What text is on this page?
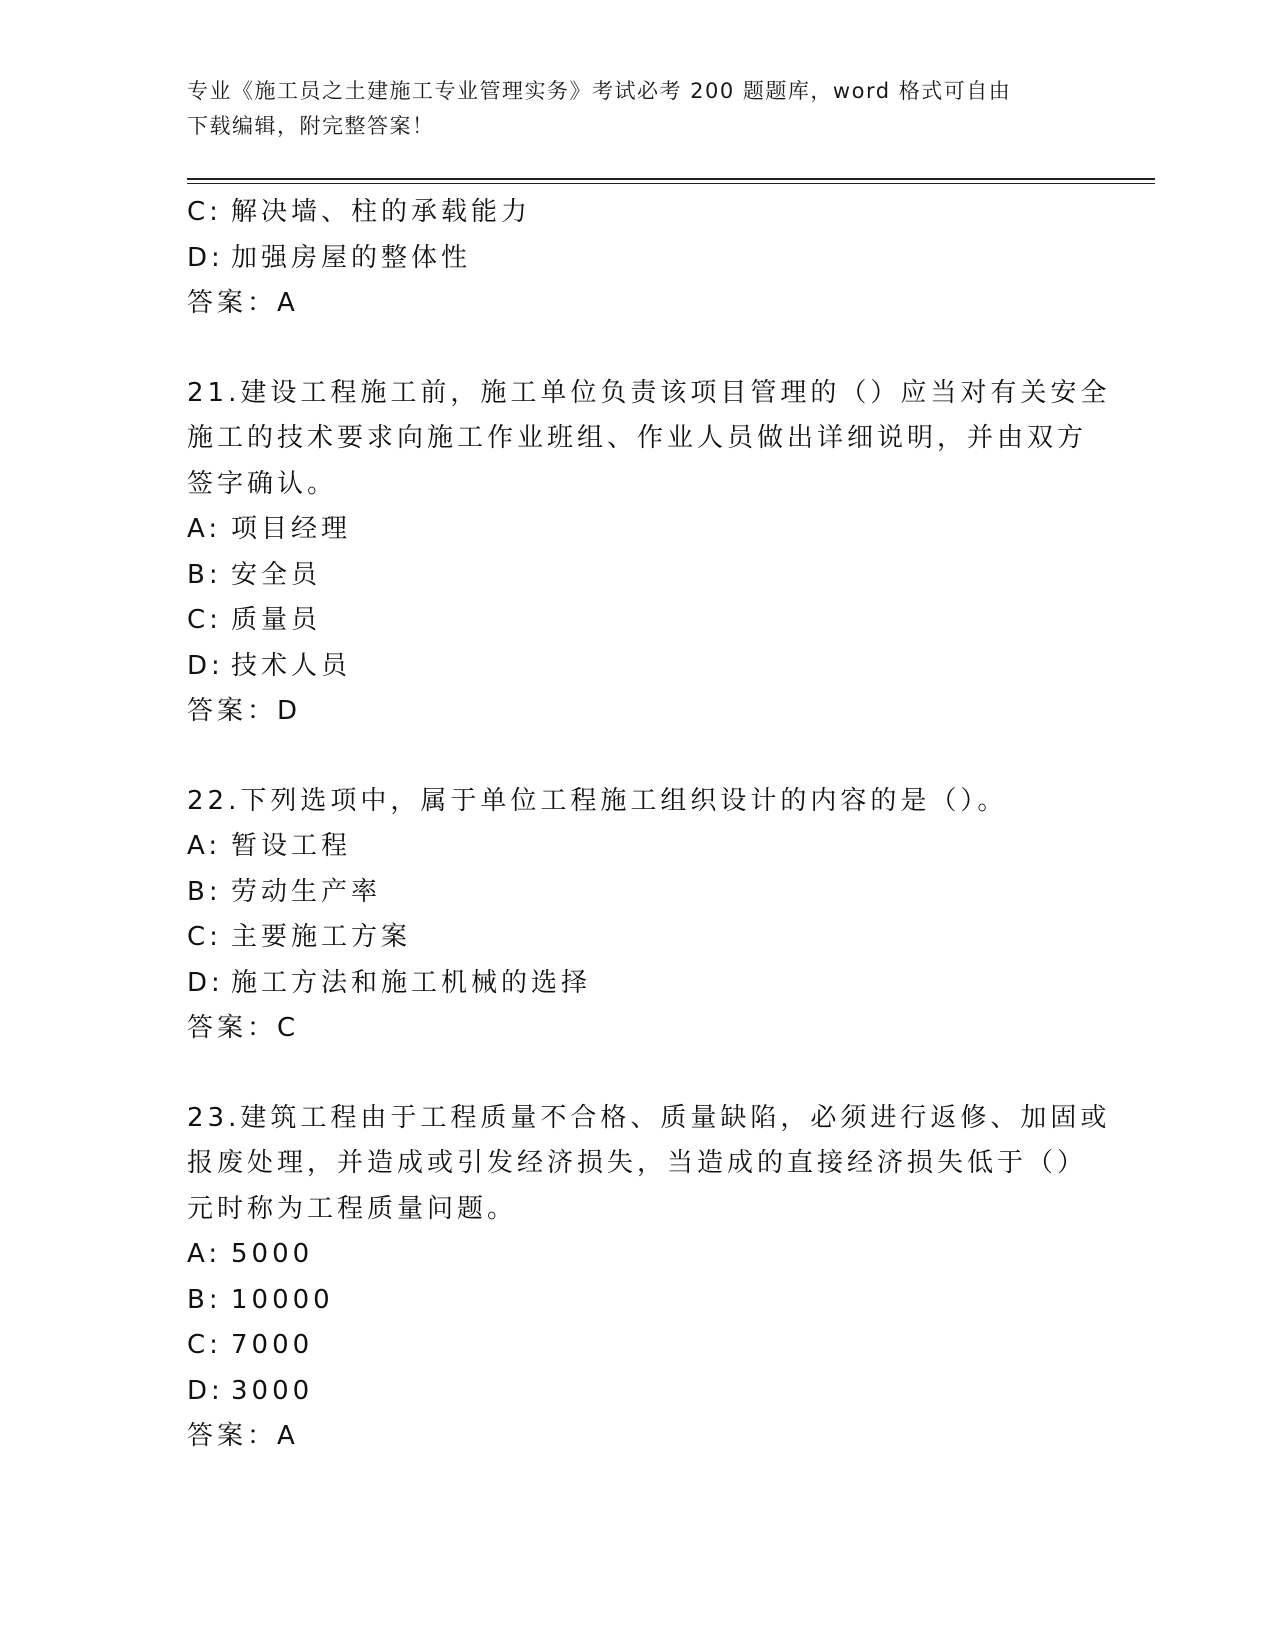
专业《施工员之土建施工专业管理实务》考试必考 200 题题库，word 格式可自由
下载编辑，附完整答案！
C: 解决墙、柱的承载能力
D: 加强房屋的整体性
答案：A
21.建设工程施工前，施工单位负责该项目管理的（）应当对有关安全
施工的技术要求向施工作业班组、作业人员做出详细说明，并由双方
签字确认。
A: 项目经理
B: 安全员
C: 质量员
D: 技术人员
答案：D
22.下列选项中，属于单位工程施工组织设计的内容的是（）。
A: 暂设工程
B: 劳动生产率
C: 主要施工方案
D: 施工方法和施工机械的选择
答案：C
23.建筑工程由于工程质量不合格、质量缺陷，必须进行返修、加固或
报废处理，并造成或引发经济损失，当造成的直接经济损失低于（）
元时称为工程质量问题。
A: 5000
B: 10000
C: 7000
D: 3000
答案：A
